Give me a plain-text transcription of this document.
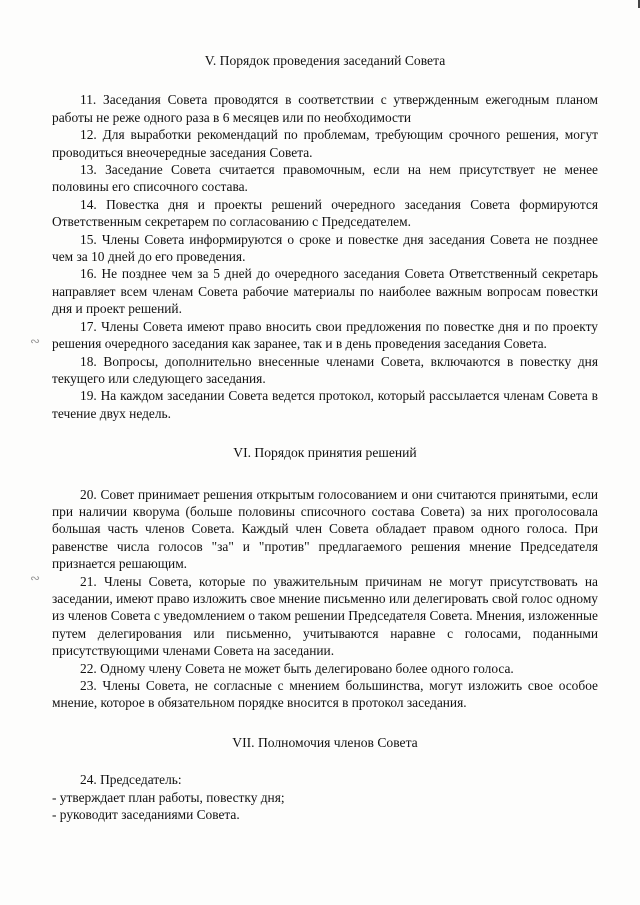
∾
∾
V. Порядок проведения заседаний Совета

11. Заседания Совета проводятся в соответствии с утвержденным ежегодным планом работы не реже одного раза в 6 месяцев или по необходимости

12. Для выработки рекомендаций по проблемам, требующим срочного решения, могут проводиться внеочередные заседания Совета.

13. Заседание Совета считается правомочным, если на нем присутствует не менее половины его списочного состава.

14. Повестка дня и проекты решений очередного заседания Совета формируются Ответственным секретарем по согласованию с Председателем.

15. Члены Совета информируются о сроке и повестке дня заседания Совета не позднее чем за 10 дней до его проведения.

16. Не позднее чем за 5 дней до очередного заседания Совета Ответственный секретарь направляет всем членам Совета рабочие материалы по наиболее важным вопросам повестки дня и проект решений.

17. Члены Совета имеют право вносить свои предложения по повестке дня и по проекту решения очередного заседания как заранее, так и в день проведения заседания Совета.

18. Вопросы, дополнительно внесенные членами Совета, включаются в повестку дня текущего или следующего заседания.

19. На каждом заседании Совета ведется протокол, который рассылается членам Совета в течение двух недель.

VI. Порядок принятия решений

20. Совет принимает решения открытым голосованием и они считаются принятыми, если при наличии кворума (больше половины списочного состава Совета) за них проголосовала большая часть членов Совета. Каждый член Совета обладает правом одного голоса. При равенстве числа голосов "за" и "против" предлагаемого решения мнение Председателя признается решающим.

21. Члены Совета, которые по уважительным причинам не могут присутствовать на заседании, имеют право изложить свое мнение письменно или делегировать свой голос одному из членов Совета с уведомлением о таком решении Председателя Совета. Мнения, изложенные путем делегирования или письменно, учитываются наравне с голосами, поданными присутствующими членами Совета на заседании.

22. Одному члену Совета не может быть делегировано более одного голоса.

23. Члены Совета, не согласные с мнением большинства, могут изложить свое особое мнение, которое в обязательном порядке вносится в протокол заседания.

VII. Полномочия членов Совета

24. Председатель:

- утверждает план работы, повестку дня;

- руководит заседаниями Совета.
